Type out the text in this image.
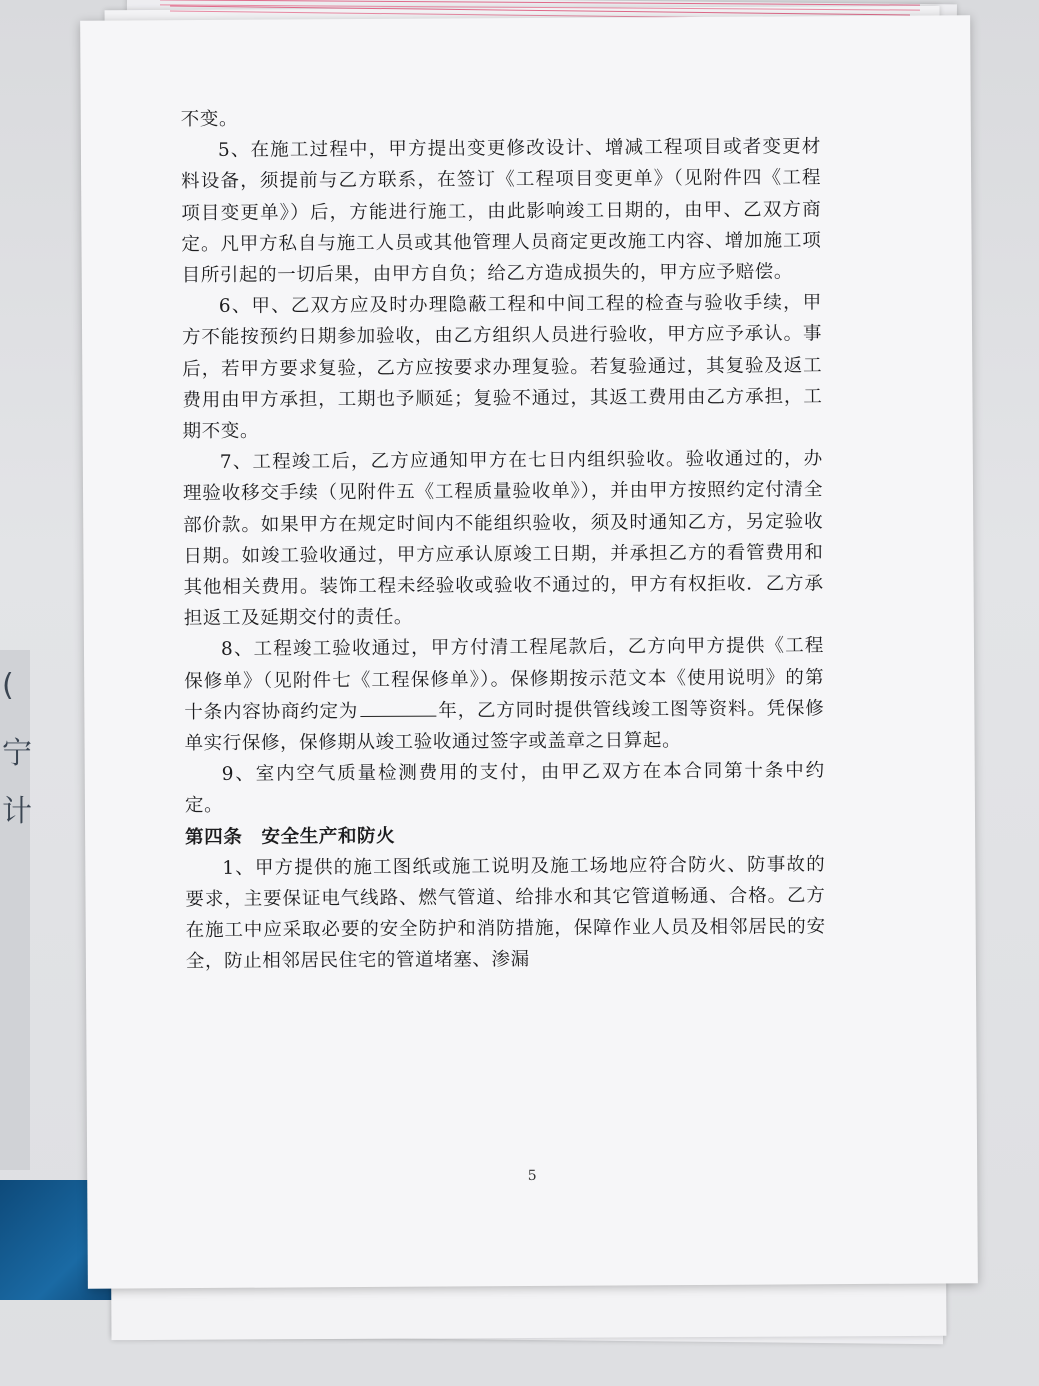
(
宁
计

不变。

5、在施工过程中，甲方提出变更修改设计、增减工程项目或者变更材料设备，须提前与乙方联系，在签订《工程项目变更单》（见附件四《工程项目变更单》）后，方能进行施工，由此影响竣工日期的，由甲、乙双方商定。凡甲方私自与施工人员或其他管理人员商定更改施工内容、增加施工项目所引起的一切后果，由甲方自负；给乙方造成损失的，甲方应予赔偿。

6、甲、乙双方应及时办理隐蔽工程和中间工程的检查与验收手续，甲方不能按预约日期参加验收，由乙方组织人员进行验收，甲方应予承认。事后，若甲方要求复验，乙方应按要求办理复验。若复验通过，其复验及返工费用由甲方承担，工期也予顺延；复验不通过，其返工费用由乙方承担，工期不变。

7、工程竣工后，乙方应通知甲方在七日内组织验收。验收通过的，办理验收移交手续（见附件五《工程质量验收单》），并由甲方按照约定付清全部价款。如果甲方在规定时间内不能组织验收，须及时通知乙方，另定验收日期。如竣工验收通过，甲方应承认原竣工日期，并承担乙方的看管费用和其他相关费用。装饰工程未经验收或验收不通过的，甲方有权拒收．乙方承担返工及延期交付的责任。

8、工程竣工验收通过，甲方付清工程尾款后，乙方向甲方提供《工程保修单》（见附件七《工程保修单》）。保修期按示范文本《使用说明》的第十条内容协商约定为	年，乙方同时提供管线竣工图等资料。凭保修单实行保修，保修期从竣工验收通过签字或盖章之日算起。

9、室内空气质量检测费用的支付，由甲乙双方在本合同第十条中约定。

第四条　安全生产和防火

1、甲方提供的施工图纸或施工说明及施工场地应符合防火、防事故的要求，主要保证电气线路、燃气管道、给排水和其它管道畅通、合格。乙方在施工中应采取必要的安全防护和消防措施，保障作业人员及相邻居民的安全，防止相邻居民住宅的管道堵塞、渗漏

5
